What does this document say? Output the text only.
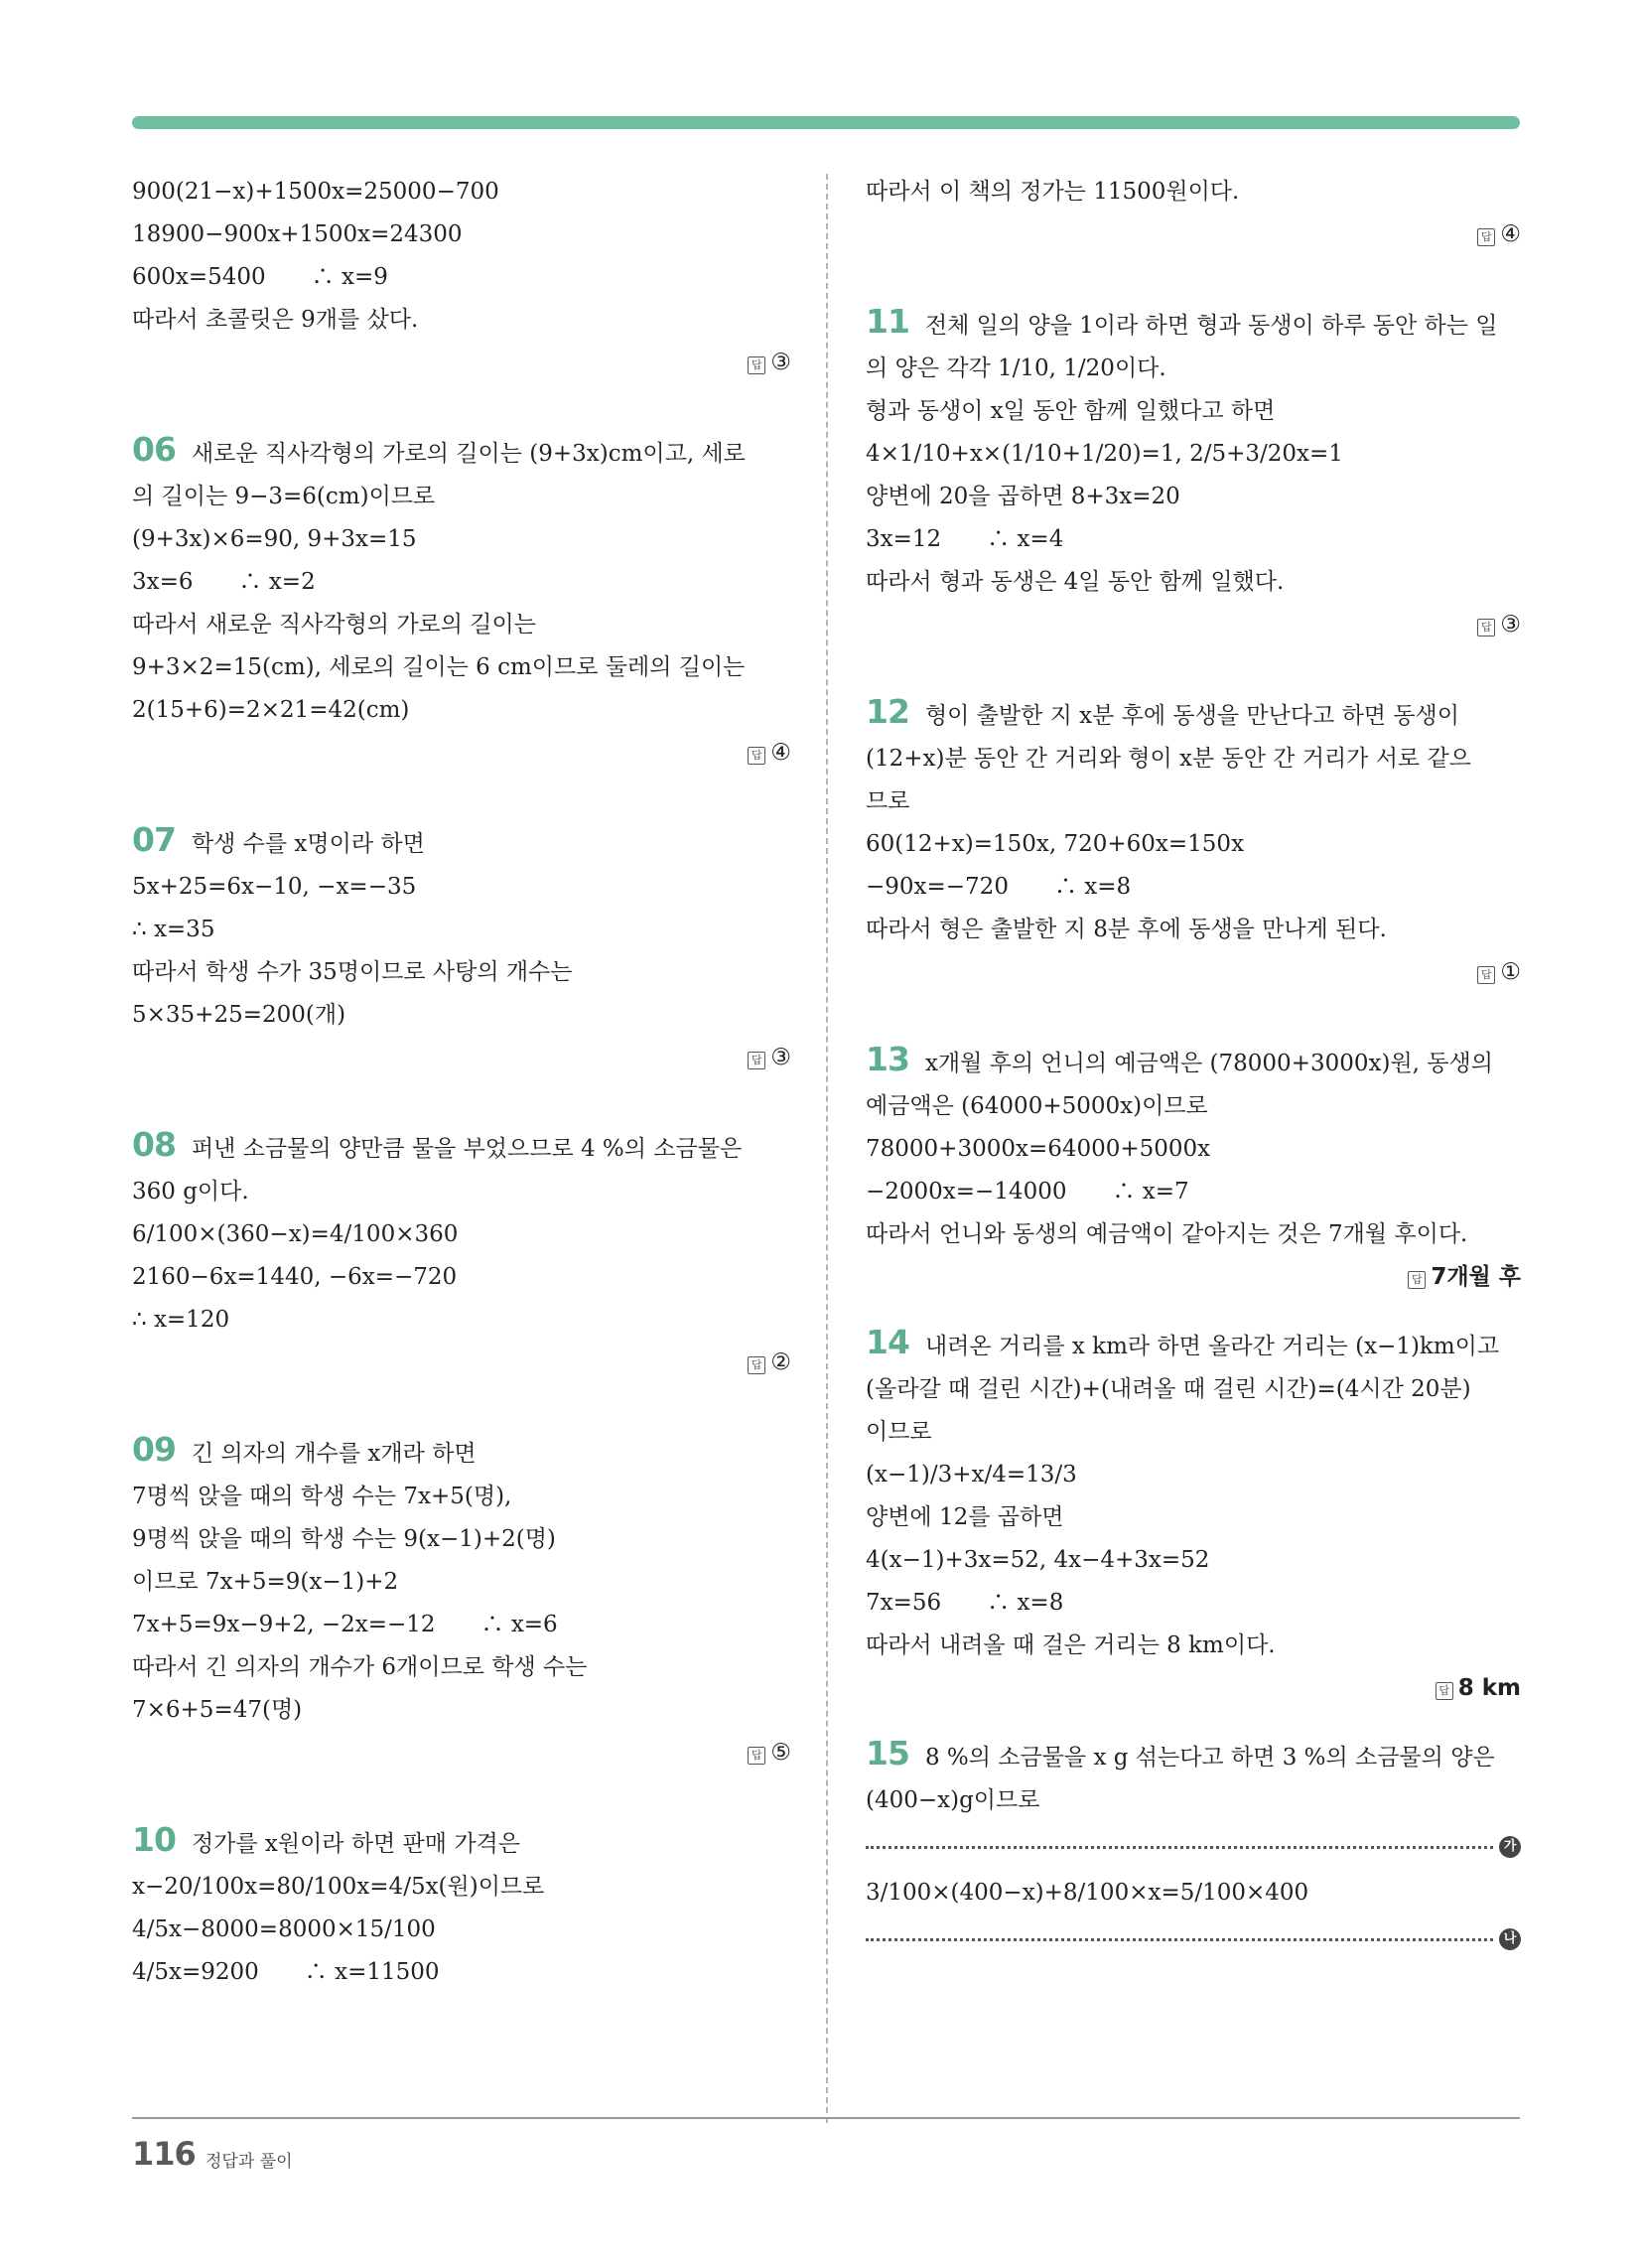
900(21−x)+1500x=25000−700
18900−900x+1500x=24300
600x=5400　　∴ x=9
따라서 초콜릿은 9개를 샀다.
답 ③
06 새로운 직사각형의 가로의 길이는 (9+3x)cm이고, 세로
의 길이는 9−3=6(cm)이므로
(9+3x)×6=90, 9+3x=15
3x=6　　∴ x=2
따라서 새로운 직사각형의 가로의 길이는
9+3×2=15(cm), 세로의 길이는 6 cm이므로 둘레의 길이는
2(15+6)=2×21=42(cm)
답 ④
07 학생 수를 x명이라 하면
5x+25=6x−10, −x=−35
∴ x=35
따라서 학생 수가 35명이므로 사탕의 개수는
5×35+25=200(개)
답 ③
08 퍼낸 소금물의 양만큼 물을 부었으므로 4 %의 소금물은
360 g이다.
6/100×(360−x)=4/100×360
2160−6x=1440, −6x=−720
∴ x=120
답 ②
09 긴 의자의 개수를 x개라 하면
7명씩 앉을 때의 학생 수는 7x+5(명),
9명씩 앉을 때의 학생 수는 9(x−1)+2(명)
이므로 7x+5=9(x−1)+2
7x+5=9x−9+2, −2x=−12　　∴ x=6
따라서 긴 의자의 개수가 6개이므로 학생 수는
7×6+5=47(명)
답 ⑤
10 정가를 x원이라 하면 판매 가격은
x−20/100x=80/100x=4/5x(원)이므로
4/5x−8000=8000×15/100
4/5x=9200　　∴ x=11500
따라서 이 책의 정가는 11500원이다.
답 ④
11 전체 일의 양을 1이라 하면 형과 동생이 하루 동안 하는 일
의 양은 각각 1/10, 1/20이다.
형과 동생이 x일 동안 함께 일했다고 하면
4×1/10+x×(1/10+1/20)=1, 2/5+3/20x=1
양변에 20을 곱하면 8+3x=20
3x=12　　∴ x=4
따라서 형과 동생은 4일 동안 함께 일했다.
답 ③
12 형이 출발한 지 x분 후에 동생을 만난다고 하면 동생이
(12+x)분 동안 간 거리와 형이 x분 동안 간 거리가 서로 같으
므로
60(12+x)=150x, 720+60x=150x
−90x=−720　　∴ x=8
따라서 형은 출발한 지 8분 후에 동생을 만나게 된다.
답 ①
13 x개월 후의 언니의 예금액은 (78000+3000x)원, 동생의
예금액은 (64000+5000x)이므로
78000+3000x=64000+5000x
−2000x=−14000　　∴ x=7
따라서 언니와 동생의 예금액이 같아지는 것은 7개월 후이다.
답 7개월 후
14 내려온 거리를 x km라 하면 올라간 거리는 (x−1)km이고
(올라갈 때 걸린 시간)+(내려올 때 걸린 시간)=(4시간 20분)
이므로
(x−1)/3+x/4=13/3
양변에 12를 곱하면
4(x−1)+3x=52, 4x−4+3x=52
7x=56　　∴ x=8
따라서 내려올 때 걸은 거리는 8 km이다.
답 8 km
15 8 %의 소금물을 x g 섞는다고 하면 3 %의 소금물의 양은
(400−x)g이므로
가
3/100×(400−x)+8/100×x=5/100×400
나
116 정답과 풀이
